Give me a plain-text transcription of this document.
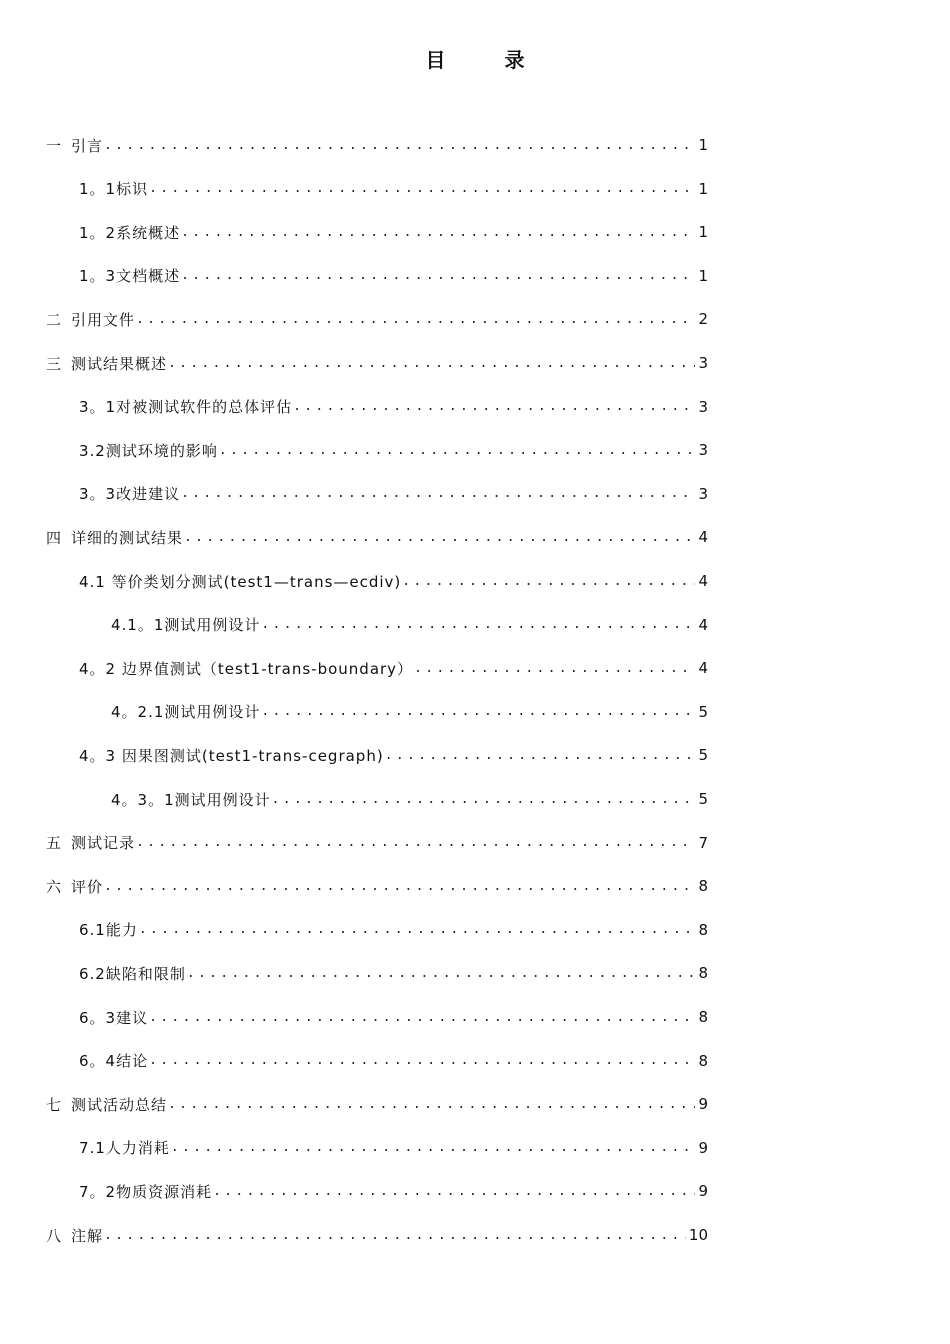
目 录
一 引言 .....	1
1。1标识 .....	1
1。2系统概述 .....	1
1。3文档概述 .....	1
二 引用文件 .....	2
三 测试结果概述 .....	3
3。1对被测试软件的总体评估 .....	3
3.2测试环境的影响 .....	3
3。3改进建议 .....	3
四 详细的测试结果 .....	4
4.1 等价类划分测试(test1—trans—ecdiv) .....	4
4.1。1测试用例设计 .....	4
4。2 边界值测试（test1-trans-boundary） .....	4
4。2.1测试用例设计 .....	5
4。3 因果图测试(test1-trans-cegraph) .....	5
4。3。1测试用例设计 .....	5
五 测试记录 .....	7
六 评价 .....	8
6.1能力 .....	8
6.2缺陷和限制 .....	8
6。3建议 .....	8
6。4结论 .....	8
七 测试活动总结 .....	9
7.1人力消耗 .....	9
7。2物质资源消耗 .....	9
八 注解 .....	10
